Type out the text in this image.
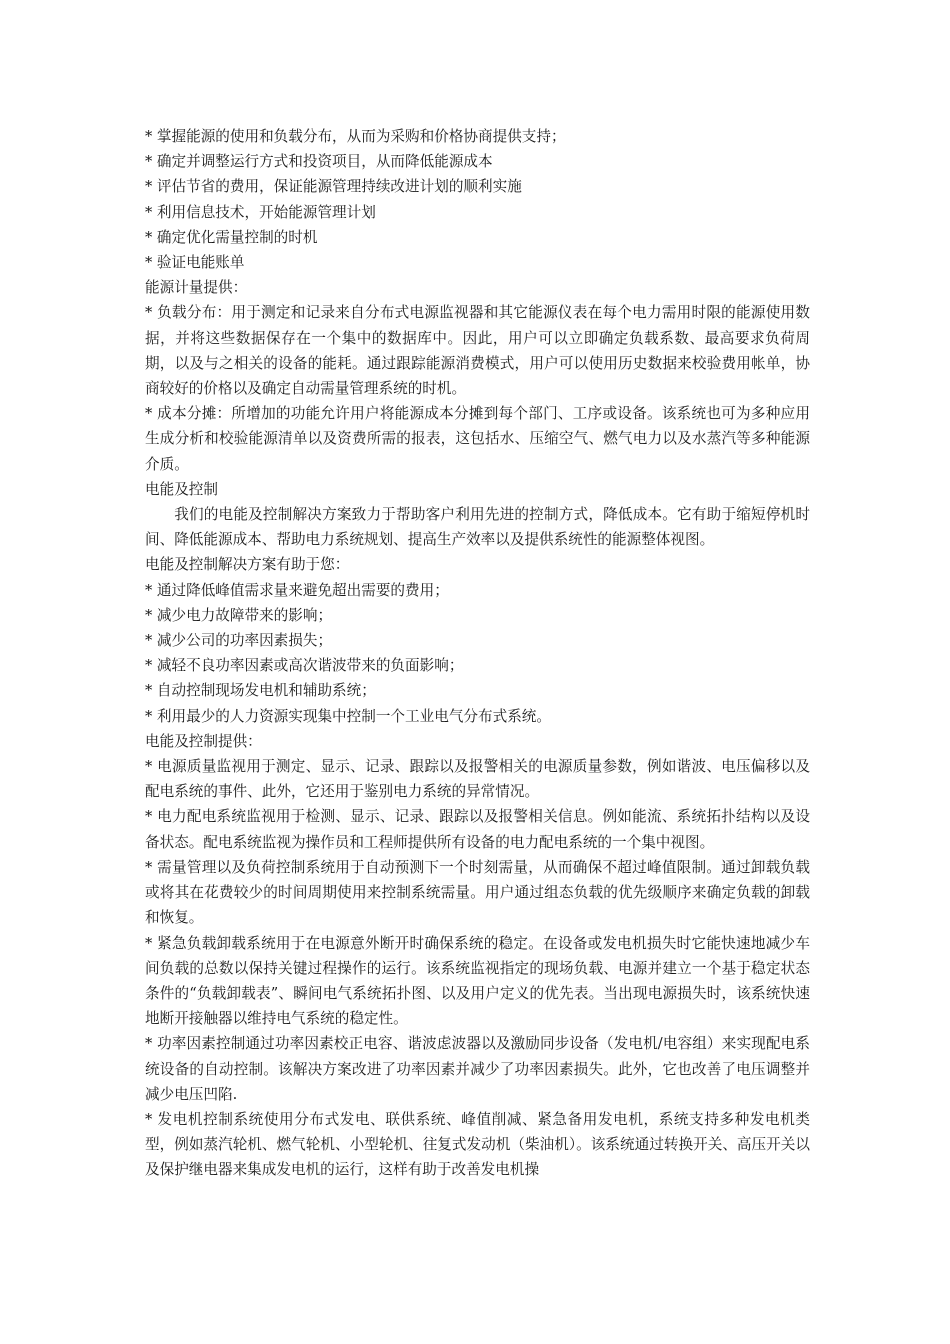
* 掌握能源的使用和负载分布，从而为采购和价格协商提供支持；

* 确定并调整运行方式和投资项目，从而降低能源成本

* 评估节省的费用，保证能源管理持续改进计划的顺利实施

* 利用信息技术，开始能源管理计划

* 确定优化需量控制的时机

* 验证电能账单

能源计量提供：

* 负载分布：用于测定和记录来自分布式电源监视器和其它能源仪表在每个电力需用时限的能源使用数据，并将这些数据保存在一个集中的数据库中。因此，用户可以立即确定负载系数、最高要求负荷周期，以及与之相关的设备的能耗。通过跟踪能源消费模式，用户可以使用历史数据来校验费用帐单，协商较好的价格以及确定自动需量管理系统的时机。

* 成本分摊：所增加的功能允许用户将能源成本分摊到每个部门、工序或设备。该系统也可为多种应用生成分析和校验能源清单以及资费所需的报表，这包括水、压缩空气、燃气电力以及水蒸汽等多种能源介质。

电能及控制

我们的电能及控制解决方案致力于帮助客户利用先进的控制方式，降低成本。它有助于缩短停机时间、降低能源成本、帮助电力系统规划、提高生产效率以及提供系统性的能源整体视图。

电能及控制解决方案有助于您：

* 通过降低峰值需求量来避免超出需要的费用；

* 减少电力故障带来的影响；

* 减少公司的功率因素损失；

* 减轻不良功率因素或高次谐波带来的负面影响；

* 自动控制现场发电机和辅助系统；

* 利用最少的人力资源实现集中控制一个工业电气分布式系统。

电能及控制提供：

* 电源质量监视用于测定、显示、记录、跟踪以及报警相关的电源质量参数，例如谐波、电压偏移以及配电系统的事件、此外，它还用于鉴别电力系统的异常情况。

* 电力配电系统监视用于检测、显示、记录、跟踪以及报警相关信息。例如能流、系统拓扑结构以及设备状态。配电系统监视为操作员和工程师提供所有设备的电力配电系统的一个集中视图。

* 需量管理以及负荷控制系统用于自动预测下一个时刻需量，从而确保不超过峰值限制。通过卸载负载或将其在花费较少的时间周期使用来控制系统需量。用户通过组态负载的优先级顺序来确定负载的卸载和恢复。

* 紧急负载卸载系统用于在电源意外断开时确保系统的稳定。在设备或发电机损失时它能快速地减少车间负载的总数以保持关键过程操作的运行。该系统监视指定的现场负载、电源并建立一个基于稳定状态条件的“负载卸载表”、瞬间电气系统拓扑图、以及用户定义的优先表。当出现电源损失时，该系统快速地断开接触器以维持电气系统的稳定性。

* 功率因素控制通过功率因素校正电容、谐波虑波器以及激励同步设备（发电机/电容组）来实现配电系统设备的自动控制。该解决方案改进了功率因素并减少了功率因素损失。此外，它也改善了电压调整并减少电压凹陷.

* 发电机控制系统使用分布式发电、联供系统、峰值削减、紧急备用发电机，系统支持多种发电机类型，例如蒸汽轮机、燃气轮机、小型轮机、往复式发动机（柴油机）。该系统通过转换开关、高压开关以及保护继电器来集成发电机的运行，这样有助于改善发电机操
